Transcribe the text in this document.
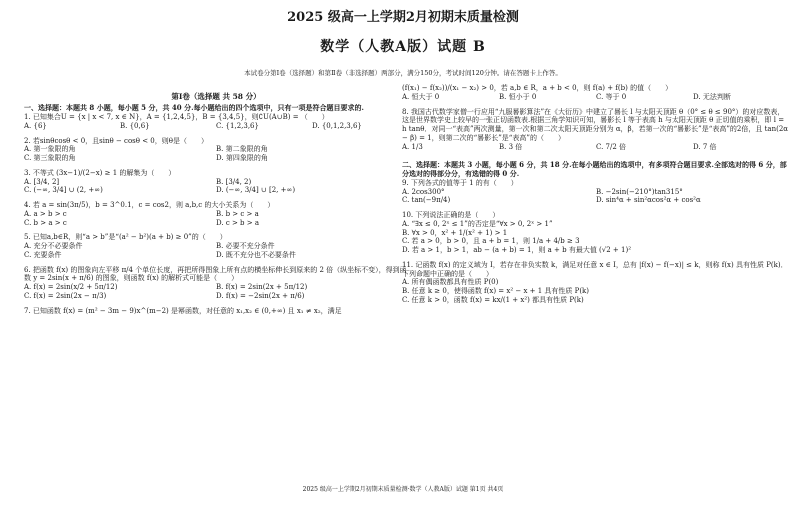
2025 级高一上学期2月初期末质量检测
数学（人教A版）试题 B
本试卷分第Ⅰ卷（选择题）和第Ⅱ卷（非选择题）两部分，满分150分，考试时间120分钟。请在答题卡上作答。
第Ⅰ卷（选择题 共 58 分）
一、选择题：本题共 8 小题，每小题 5 分，共 40 分.每小题给出的四个选项中，只有一项是符合题目要求的.
1. 已知集合U = {x | x < 7, x ∈ N}，A = {1,2,4,5}，B = {3,4,5}，则∁U(A∪B) = （　　）
A. {6}	B. {0,6}	C. {1,2,3,6}	D. {0,1,2,3,6}
2. 若sinθcosθ < 0，且sinθ − cosθ < 0，则θ是（　　）
A. 第一象限的角	B. 第二象限的角
C. 第三象限的角	D. 第四象限的角
3. 不等式 (3x−1)/(2−x) ≥ 1 的解集为（　　）
A. [3/4, 2]	B. [3/4, 2)
C. (−∞, 3/4] ∪ (2, +∞)	D. (−∞, 3/4] ∪ [2, +∞)
4. 若 a = sin(3π/5)，b = 3^0.1，c = cos2，则 a,b,c 的大小关系为（　　）
A. a > b > c	B. b > c > a
C. b > a > c	D. c > b > a
5. 已知a,b∈R，则“a > b”是“(a² − b²)(a + b) ≥ 0”的（　　）
A. 充分不必要条件	B. 必要不充分条件
C. 充要条件	D. 既不充分也不必要条件
6. 把函数 f(x) 的图象向左平移 π/4 个单位长度，再把所得图象上所有点的横坐标伸长到原来的 2 倍（纵坐标不变），得到函数 y = 2sin(x + π/6) 的图象，则函数 f(x) 的解析式可能是（　　）
A. f(x) = 2sin(x/2 + 5π/12)	B. f(x) = 2sin(2x + 5π/12)
C. f(x) = 2sin(2x − π/3)	D. f(x) = −2sin(2x + π/6)
7. 已知函数 f(x) = (m² − 3m − 9)x^(m−2) 是幂函数，对任意的 x₁,x₂ ∈ (0,+∞) 且 x₁ ≠ x₂，满足
(f(x₁) − f(x₂))/(x₁ − x₂) > 0，若 a,b ∈ R，a + b < 0，则 f(a) + f(b) 的值（　　）
A. 恒大于 0	B. 恒小于 0	C. 等于 0	D. 无法判断
8. 我国古代数学家僧一行应用“九服晷影算法”在《大衍历》中建立了晷长 l 与太阳天顶距 θ（0° ≤ θ ≤ 90°）的对应数表，这是世界数学史上较早的一张正切函数表.根据三角学知识可知，晷影长 l 等于表高 h 与太阳天顶距 θ 正切值的乘积，即 l = h tanθ．对同一“表高”两次测量，第一次和第二次太阳天顶距分别为 α，β，若第一次的“晷影长”是“表高”的2倍，且 tan(2α − β) = 1，则第二次的“晷影长”是“表高”的（　　）
A. 1/3	B. 3 倍	C. 7/2 倍	D. 7 倍
二、选择题：本题共 3 小题，每小题 6 分，共 18 分.在每小题给出的选项中，有多项符合题目要求.全部选对的得 6 分，部分选对的得部分分，有选错的得 0 分.
9. 下列各式的值等于 1 的有（　　）
A. 2cos300°	B. −2sin(−210°)tan315°
C. tan(−9π/4)	D. sin⁴α + sin²αcos²α + cos²α
10. 下列说法正确的是（　　）
A. “∃x ≤ 0, 2ˣ ≤ 1”的否定是“∀x > 0, 2ˣ > 1”
B. ∀x > 0，x² + 1/(x² + 1) > 1
C. 若 a > 0，b > 0，且 a + b = 1，则 1/a + 4/b ≥ 3
D. 若 a > 1，b > 1，ab − (a + b) = 1，则 a + b 有最大值 (√2 + 1)²
11. 记函数 f(x) 的定义域为 I，若存在非负实数 k，满足对任意 x ∈ I，总有 |f(x) − f(−x)| ≤ k，则称 f(x) 具有性质 P(k)．下列命题中正确的是（　　）
A. 所有偶函数都具有性质 P(0)
B. 任意 k ≥ 0，使得函数 f(x) = x² − x + 1 具有性质 P(k)
C. 任意 k > 0，函数 f(x) = kx/(1 + x²) 都具有性质 P(k)
2025 级高一上学期2月初期末质量检测·数学（人教A版）试题 第1页 共4页
